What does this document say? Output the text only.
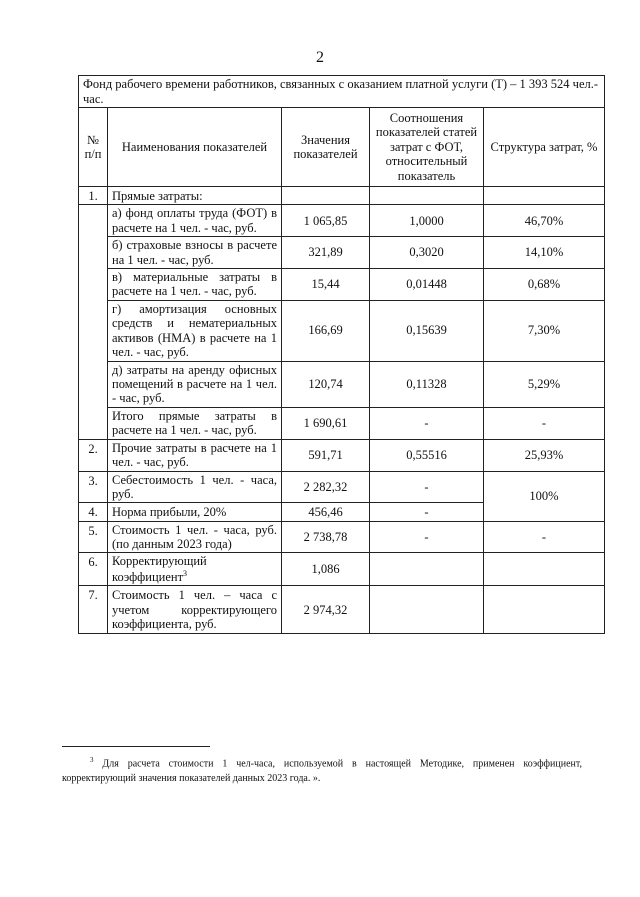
2
Фонд рабочего времени работников, связанных с оказанием платной услуги (Т) – 1 393 524 чел.-час.				
№ п/п	Наименования показателей	Значения показателей	Соотношения показателей статей затрат с ФОТ, относительный показатель	Структура затрат, %
1.	Прямые затраты:			
	а) фонд оплаты труда (ФОТ) в расчете на 1 чел. - час, руб.	1 065,85	1,0000	46,70%
	б) страховые взносы в расчете на 1 чел. - час, руб.	321,89	0,3020	14,10%
	в) материальные затраты в расчете на 1 чел. - час, руб.	15,44	0,01448	0,68%
	г) амортизация основных средств и нематериальных активов (НМА) в расчете на 1 чел. - час, руб.	166,69	0,15639	7,30%
	д) затраты на аренду офисных помещений в расчете на 1 чел. - час, руб.	120,74	0,11328	5,29%
	Итого прямые затраты в расчете на 1 чел. - час, руб.	1 690,61	-	-
2.	Прочие затраты в расчете на 1 чел. - час, руб.	591,71	0,55516	25,93%
3.	Себестоимость 1 чел. - часа, руб.	2 282,32	-	100%
4.	Норма прибыли, 20%	456,46	-	
5.	Стоимость 1 чел. - часа, руб. (по данным 2023 года)	2 738,78	-	-
6.	Корректирующий коэффициент$^3$	1,086		
7.	Стоимость 1 чел. – часа с учетом корректирующего коэффициента, руб.	2 974,32		
$^3$ Для расчета стоимости 1 чел-часа, используемой в настоящей Методике, применен коэффициент, корректирующий значения показателей данных 2023 года. ».
